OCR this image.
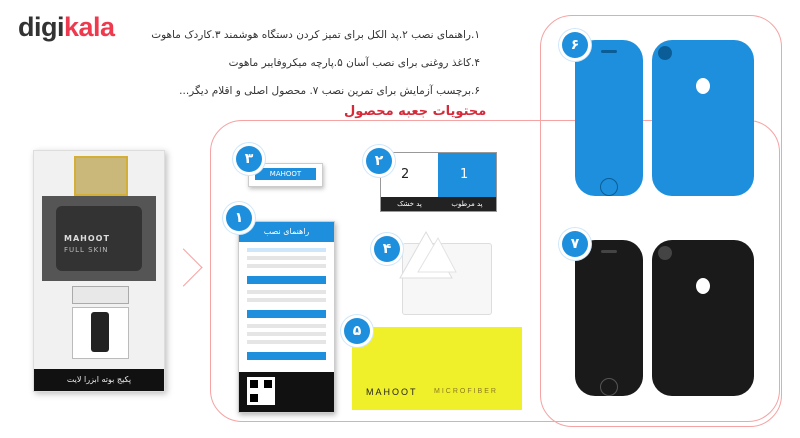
digikala	۱.راهنمای نصب ۲.پد الکل برای تمیز کردن دستگاه هوشمند ۳.کاردک ماهوت
۴.کاغذ روغنی برای نصب آسان ۵.پارچه میکروفایبر ماهوت
۶.برچسب آزمایش برای تمرین نصب ۷. محصول اصلی و اقلام دیگر...
محتویات جعبه محصول
MAHOOT
FULL SKIN
پکیج بوته ابزرا لایت
MAHOOT
۳
2	1
پد خشک	پد مرطوب
۲
راهنمای نصب
۱
۴
MAHOOT MICROFIBER
۵
۶
۷
